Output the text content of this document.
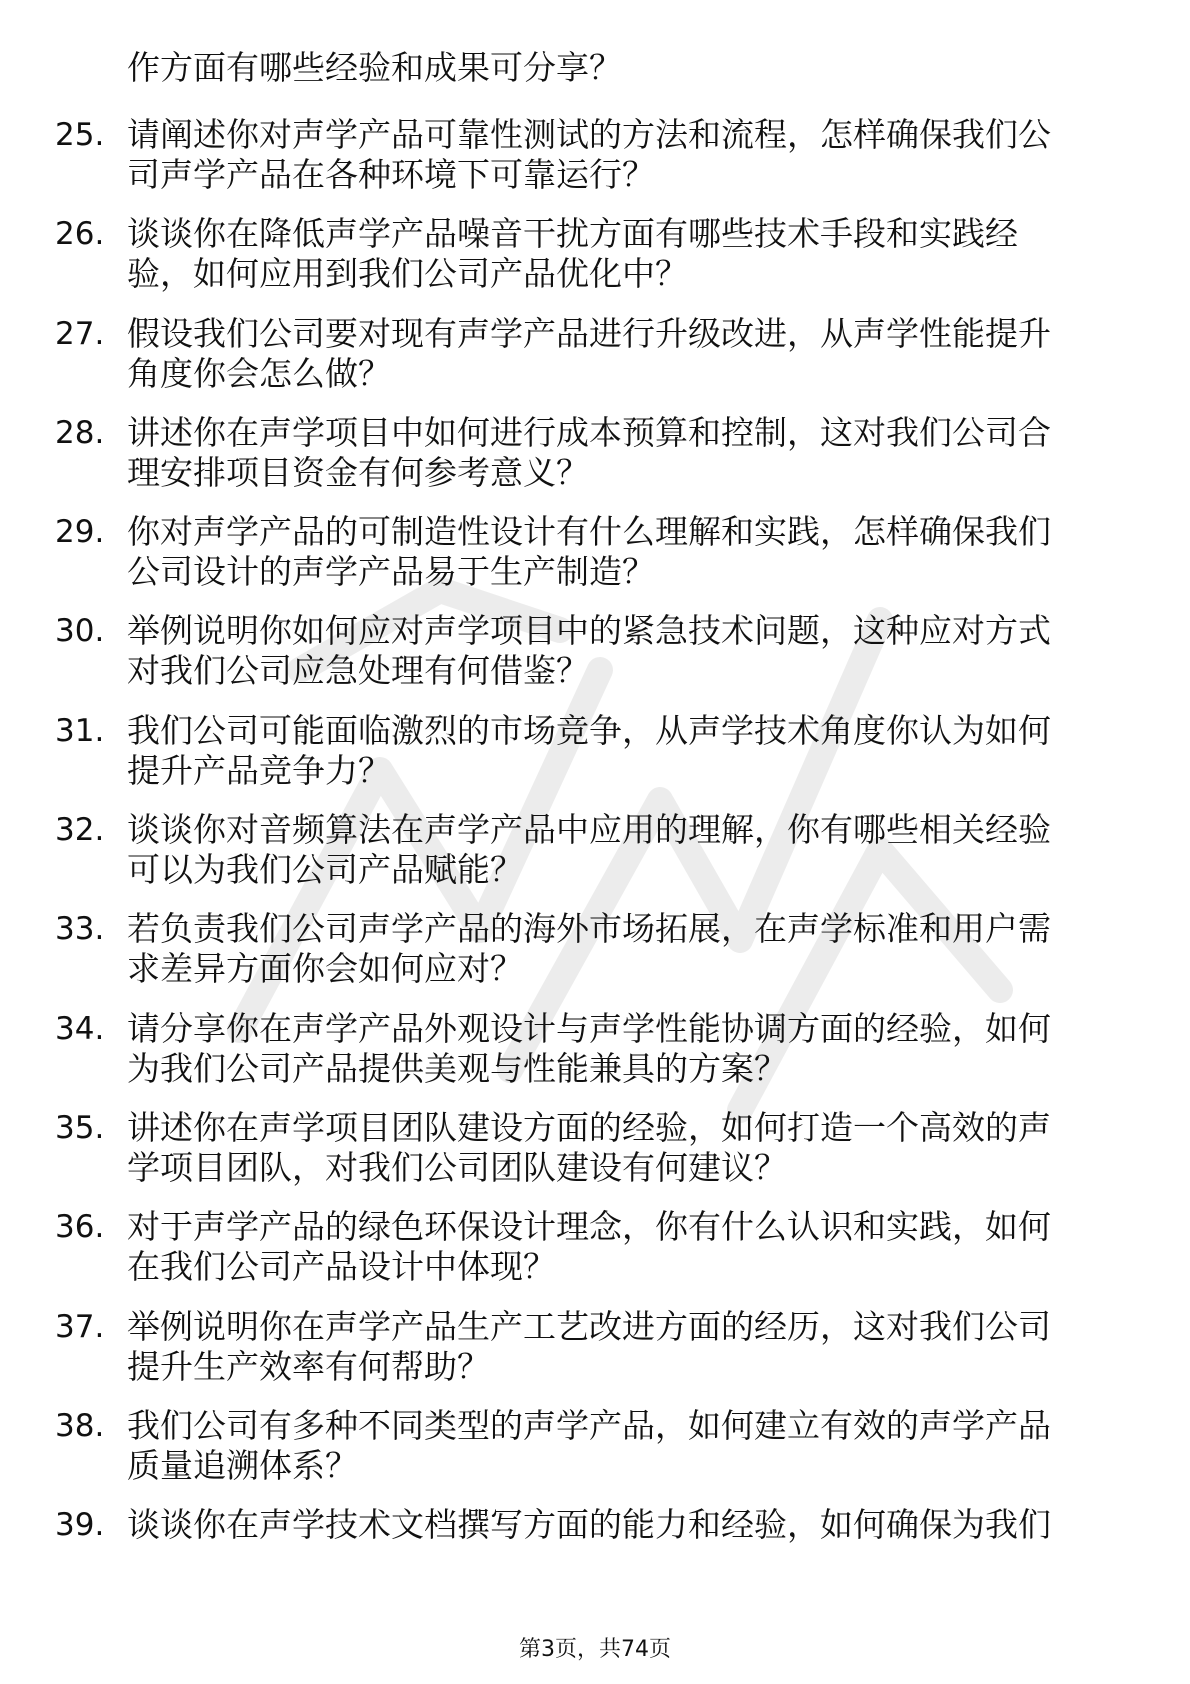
作方面有哪些经验和成果可分享？
25. 请阐述你对声学产品可靠性测试的方法和流程，怎样确保我们公
司声学产品在各种环境下可靠运行？
26. 谈谈你在降低声学产品噪音干扰方面有哪些技术手段和实践经
验，如何应用到我们公司产品优化中？
27. 假设我们公司要对现有声学产品进行升级改进，从声学性能提升
角度你会怎么做？
28. 讲述你在声学项目中如何进行成本预算和控制，这对我们公司合
理安排项目资金有何参考意义？
29. 你对声学产品的可制造性设计有什么理解和实践，怎样确保我们
公司设计的声学产品易于生产制造？
30. 举例说明你如何应对声学项目中的紧急技术问题，这种应对方式
对我们公司应急处理有何借鉴？
31. 我们公司可能面临激烈的市场竞争，从声学技术角度你认为如何
提升产品竞争力？
32. 谈谈你对音频算法在声学产品中应用的理解，你有哪些相关经验
可以为我们公司产品赋能？
33. 若负责我们公司声学产品的海外市场拓展，在声学标准和用户需
求差异方面你会如何应对？
34. 请分享你在声学产品外观设计与声学性能协调方面的经验，如何
为我们公司产品提供美观与性能兼具的方案？
35. 讲述你在声学项目团队建设方面的经验，如何打造一个高效的声
学项目团队，对我们公司团队建设有何建议？
36. 对于声学产品的绿色环保设计理念，你有什么认识和实践，如何
在我们公司产品设计中体现？
37. 举例说明你在声学产品生产工艺改进方面的经历，这对我们公司
提升生产效率有何帮助？
38. 我们公司有多种不同类型的声学产品，如何建立有效的声学产品
质量追溯体系？
39. 谈谈你在声学技术文档撰写方面的能力和经验，如何确保为我们
第3页，共74页
